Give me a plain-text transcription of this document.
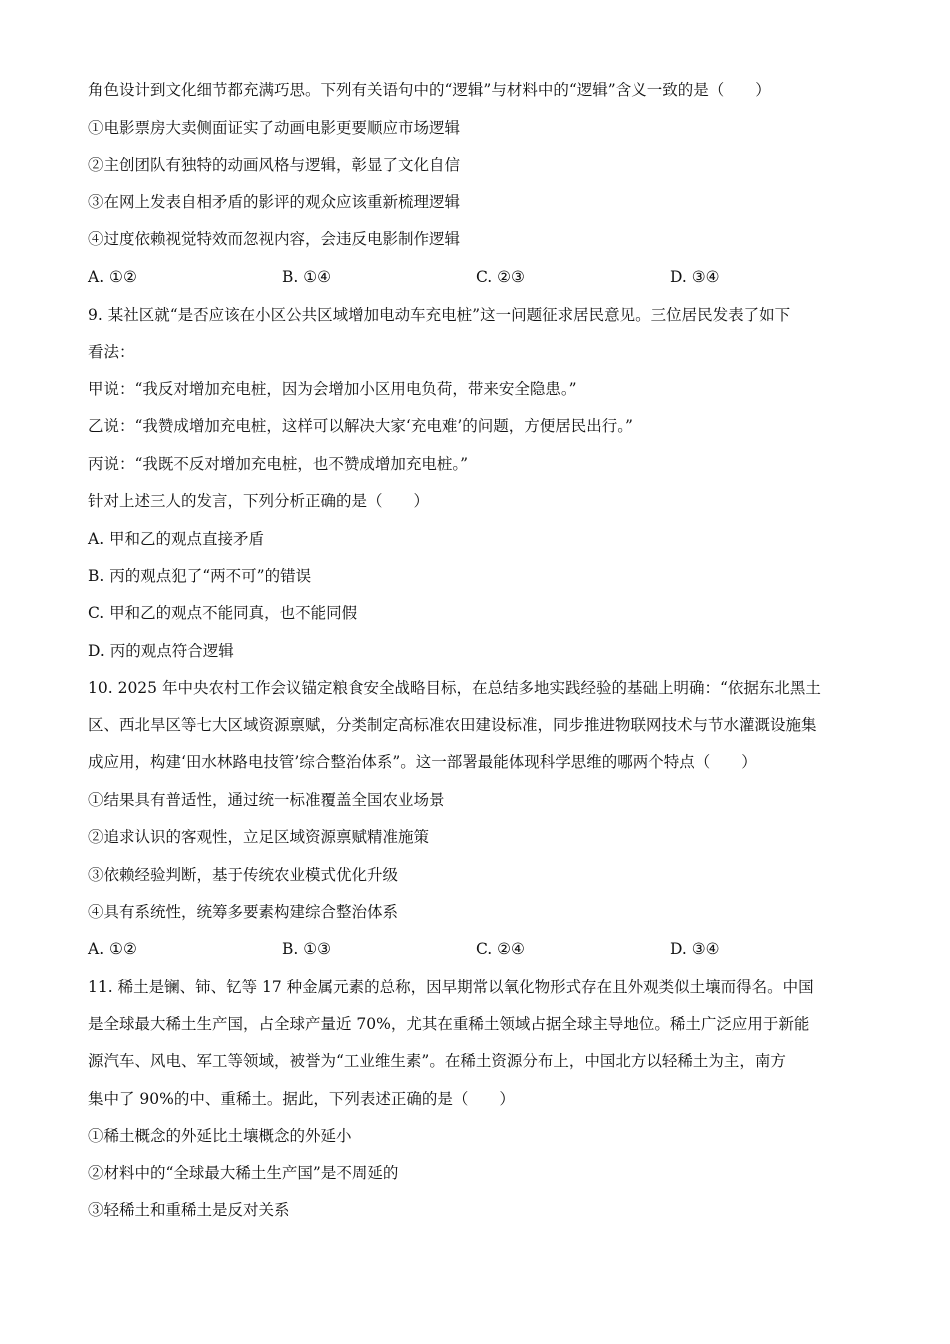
角色设计到文化细节都充满巧思。下列有关语句中的“逻辑”与材料中的“逻辑”含义一致的是（　　）
①电影票房大卖侧面证实了动画电影更要顺应市场逻辑
②主创团队有独特的动画风格与逻辑，彰显了文化自信
③在网上发表自相矛盾的影评的观众应该重新梳理逻辑
④过度依赖视觉特效而忽视内容，会违反电影制作逻辑
A. ①②	B. ①④	C. ②③	D. ③④
9. 某社区就“是否应该在小区公共区域增加电动车充电桩”这一问题征求居民意见。三位居民发表了如下
看法：
甲说：“我反对增加充电桩，因为会增加小区用电负荷，带来安全隐患。”
乙说：“我赞成增加充电桩，这样可以解决大家‘充电难’的问题，方便居民出行。”
丙说：“我既不反对增加充电桩，也不赞成增加充电桩。”
针对上述三人的发言，下列分析正确的是（　　）
A. 甲和乙的观点直接矛盾
B. 丙的观点犯了“两不可”的错误
C. 甲和乙的观点不能同真，也不能同假
D. 丙的观点符合逻辑
10. 2025 年中央农村工作会议锚定粮食安全战略目标，在总结多地实践经验的基础上明确：“依据东北黑土
区、西北旱区等七大区域资源禀赋，分类制定高标准农田建设标准，同步推进物联网技术与节水灌溉设施集
成应用，构建‘田水林路电技管’综合整治体系”。这一部署最能体现科学思维的哪两个特点（　　）
①结果具有普适性，通过统一标准覆盖全国农业场景
②追求认识的客观性，立足区域资源禀赋精准施策
③依赖经验判断，基于传统农业模式优化升级
④具有系统性，统筹多要素构建综合整治体系
A. ①②	B. ①③	C. ②④	D. ③④
11. 稀土是镧、铈、钇等 17 种金属元素的总称，因早期常以氧化物形式存在且外观类似土壤而得名。中国
是全球最大稀土生产国，占全球产量近 70%，尤其在重稀土领域占据全球主导地位。稀土广泛应用于新能
源汽车、风电、军工等领域，被誉为“工业维生素”。在稀土资源分布上，中国北方以轻稀土为主，南方
集中了 90%的中、重稀土。据此，下列表述正确的是（　　）
①稀土概念的外延比土壤概念的外延小
②材料中的“全球最大稀土生产国”是不周延的
③轻稀土和重稀土是反对关系
